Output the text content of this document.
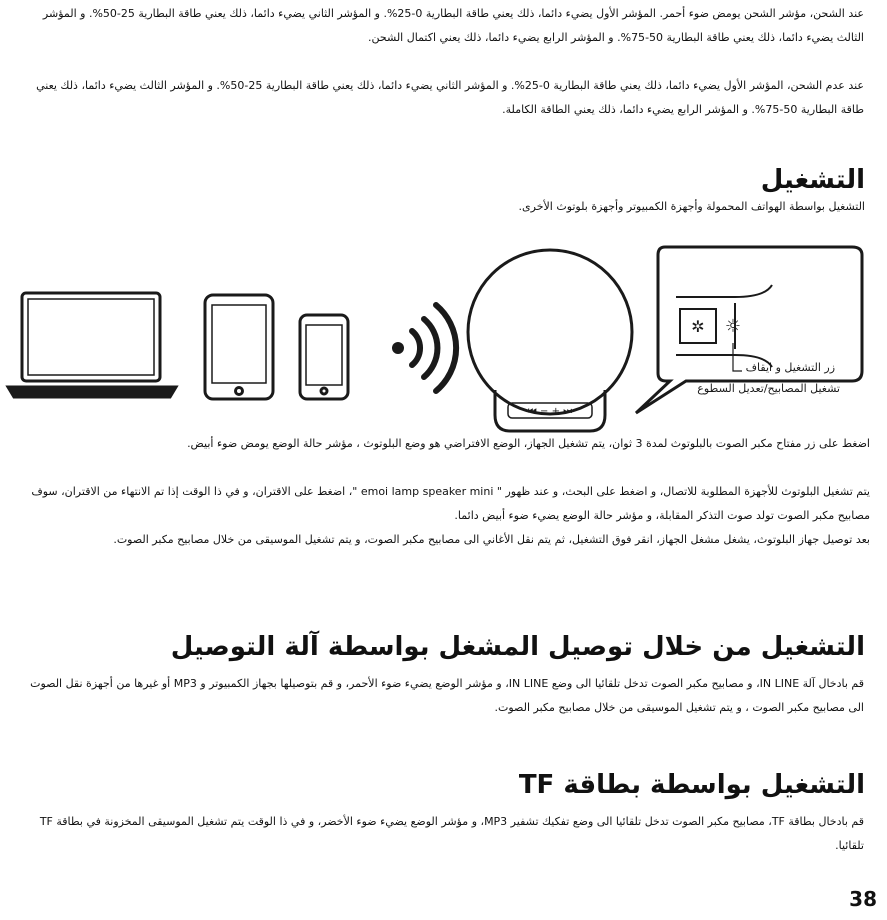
عند الشحن، مؤشر الشحن يومض ضوء أحمر. المؤشر الأول يضيء دائما، ذلك يعني طاقة البطارية 0-25%. و المؤشر الثاني يضيء دائما، ذلك يعني طاقة البطارية 25-50%. و المؤشر الثالث يضيء دائما، ذلك يعني طاقة البطارية 50-75%. و المؤشر الرابع يضيء دائما، ذلك يعني اكتمال الشحن.

عند عدم الشحن، المؤشر الأول يضيء دائما، ذلك يعني طاقة البطارية 0-25%. و المؤشر الثاني يضيء دائما، ذلك يعني طاقة البطارية 25-50%. و المؤشر الثالث يضيء دائما، ذلك يعني طاقة البطارية 50-75%. و المؤشر الرابع يضيء دائما، ذلك يعني الطاقة الكاملة.

التشغيل

التشغيل بواسطة الهواتف المحمولة وأجهزة الكمبيوتر وأجهزة بلوتوث الأخرى.

⏮ − + ⏭
✲ ☼
زر التشغيل و ايقاف
تشغيل المصابيح/تعديل السطوع

اضغط على زر مفتاح مكبر الصوت بالبلوتوث لمدة 3 ثوان، يتم تشغيل الجهاز، الوضع الافتراضي هو وضع البلوتوث ، مؤشر حالة الوضع يومض ضوء أبيض.

يتم تشغيل البلوتوث للأجهزة المطلوبة للاتصال، و اضغط على البحث، و عند ظهور " emoi lamp speaker mini "، اضغط على الاقتران، و في ذا الوقت إذا تم الانتهاء من الاقتران، سوف مصابيح مكبر الصوت تولد صوت التذكر المقابلة، و مؤشر حالة الوضع يضيء ضوء أبيض دائما.

بعد توصيل جهاز البلوتوث، يشغل مشغل الجهاز، انقر فوق التشغيل، ثم يتم نقل الأغاني الى مصابيح مكبر الصوت، و يتم تشغيل الموسيقى من خلال مصابيح مكبر الصوت.

التشغيل من خلال توصيل المشغل بواسطة آلة التوصيل

قم بادخال آلة IN LINE، و مصابيح مكبر الصوت تدخل تلقائيا الى وضع IN LINE، و مؤشر الوضع يضيء ضوء الأحمر، و قم بتوصيلها بجهاز الكمبيوتر و MP3 أو غيرها من أجهزة نقل الصوت الى مصابيح مكبر الصوت ، و يتم تشغيل الموسيقى من خلال مصابيح مكبر الصوت.

التشغيل بواسطة بطاقة TF

قم بادخال بطاقة TF، مصابيح مكبر الصوت تدخل تلقائيا الى وضع تفكيك تشفير MP3، و مؤشر الوضع يضيء ضوء الأخضر، و في ذا الوقت يتم تشغيل الموسيقى المخزونة في بطاقة TF تلقائيا.

38
